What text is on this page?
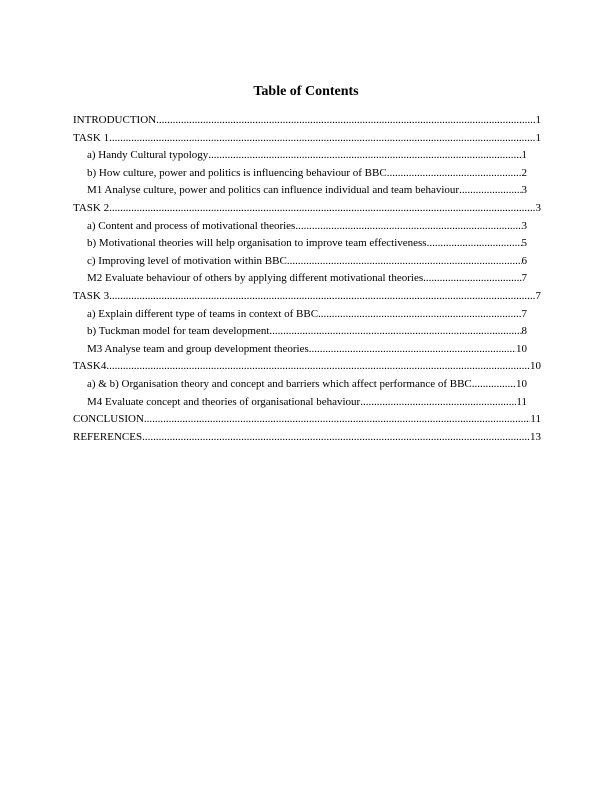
Table of Contents
INTRODUCTION .....	1
TASK 1 .....	1
a) Handy Cultural typology .....	1
b) How culture, power and politics is influencing behaviour of BBC .....	2
M1 Analyse culture, power and politics can influence individual and team behaviour .....	3
TASK 2 .....	3
a) Content and process of motivational theories .....	3
b) Motivational theories will help organisation to improve team effectiveness .....	5
c) Improving level of motivation within BBC .....	6
M2 Evaluate behaviour of others by applying different motivational theories .....	7
TASK 3 .....	7
a) Explain different type of teams in context of BBC .....	7
b) Tuckman model for team development .....	8
M3 Analyse team and group development theories .....	10
TASK4 .....	10
a) & b) Organisation theory and concept and barriers which affect performance of BBC. .....	10
M4 Evaluate concept and theories of organisational behaviour .....	11
CONCLUSION .....	11
REFERENCES .....	13
